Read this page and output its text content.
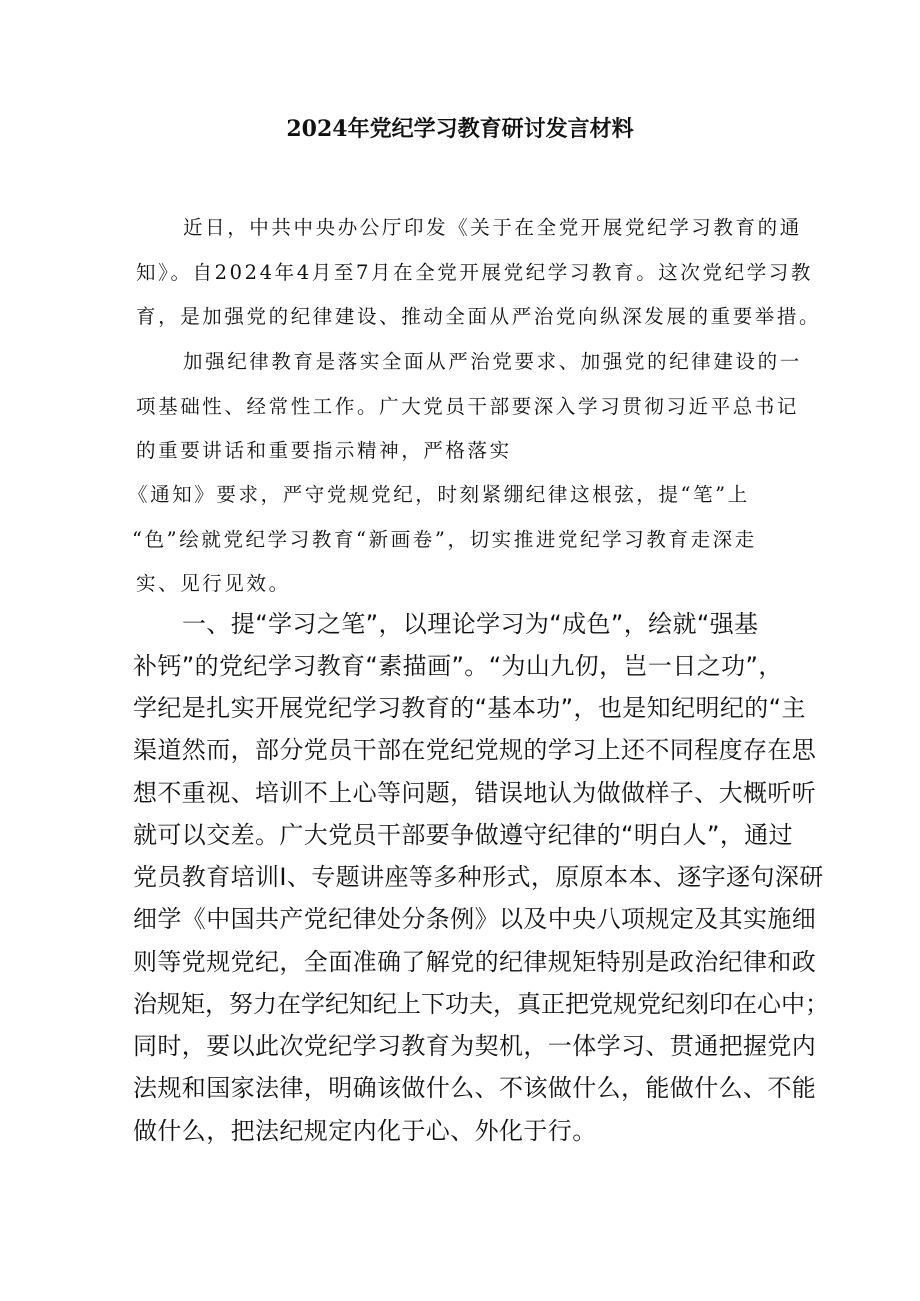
2024年党纪学习教育研讨发言材料

近日，中共中央办公厅印发《关于在全党开展党纪学习教育的通

知》。自2024年4月至7月在全党开展党纪学习教育。这次党纪学习教

育，是加强党的纪律建设、推动全面从严治党向纵深发展的重要举措。

加强纪律教育是落实全面从严治党要求、加强党的纪律建设的一

项基础性、经常性工作。广大党员干部要深入学习贯彻习近平总书记

的重要讲话和重要指示精神，严格落实

《通知》要求，严守党规党纪，时刻紧绷纪律这根弦，提“笔”上

“色”绘就党纪学习教育“新画卷”，切实推进党纪学习教育走深走

实、见行见效。

一、提“学习之笔”，以理论学习为“成色”，绘就“强基

补钙”的党纪学习教育“素描画”。“为山九仞，岂一日之功”，

学纪是扎实开展党纪学习教育的“基本功”，也是知纪明纪的“主

渠道然而，部分党员干部在党纪党规的学习上还不同程度存在思

想不重视、培训不上心等问题，错误地认为做做样子、大概听听

就可以交差。广大党员干部要争做遵守纪律的“明白人”，通过

党员教育培训I、专题讲座等多种形式，原原本本、逐字逐句深研

细学《中国共产党纪律处分条例》以及中央八项规定及其实施细

则等党规党纪，全面准确了解党的纪律规矩特别是政治纪律和政

治规矩，努力在学纪知纪上下功夫，真正把党规党纪刻印在心中；

同时，要以此次党纪学习教育为契机，一体学习、贯通把握党内

法规和国家法律，明确该做什么、不该做什么，能做什么、不能

做什么，把法纪规定内化于心、外化于行。
